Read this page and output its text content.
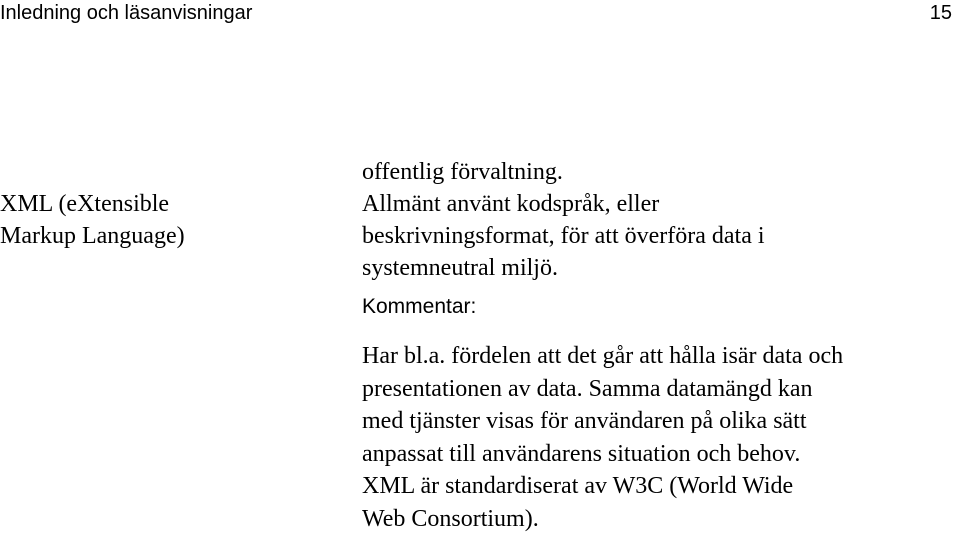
Inledning och läsanvisningar	15
XML (eXtensible
Markup Language)
offentlig förvaltning.
Allmänt använt kodspråk, eller
beskrivningsformat, för att överföra data i
systemneutral miljö.
Kommentar:
Har bl.a. fördelen att det går att hålla isär data och
presentationen av data. Samma datamängd kan
med tjänster visas för användaren på olika sätt
anpassat till användarens situation och behov.
XML är standardiserat av W3C (World Wide
Web Consortium).
